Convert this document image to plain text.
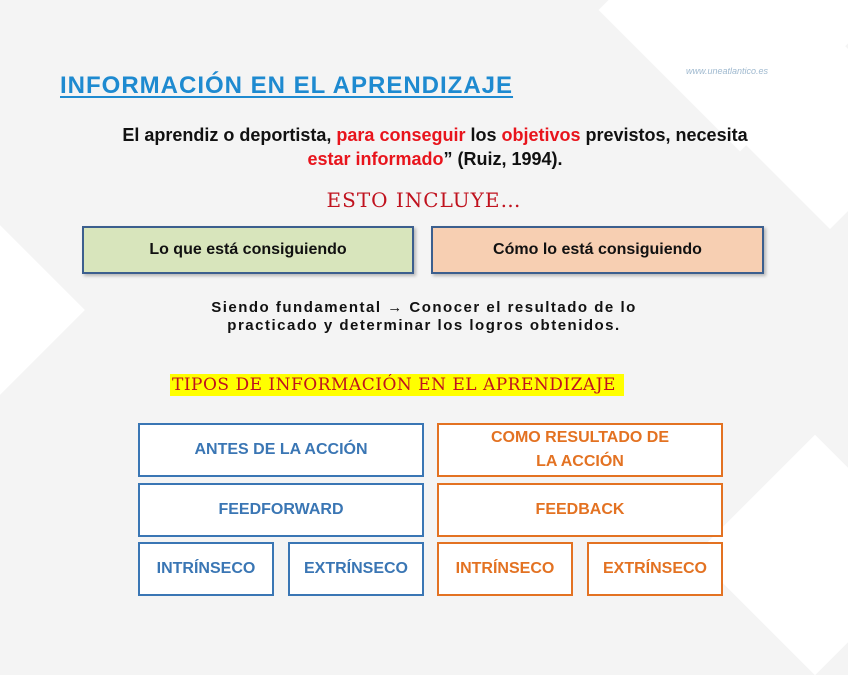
INFORMACIÓN EN EL APRENDIZAJE
www.uneatlantico.es
El aprendiz o deportista, para conseguir los objetivos previstos, necesita
estar informado” (Ruiz, 1994).
ESTO INCLUYE…
Lo que está consiguiendo	Cómo lo está consiguiendo
Siendo fundamental → Conocer el resultado de lo
practicado y determinar los logros obtenidos.
TIPOS DE INFORMACIÓN EN EL APRENDIZAJE
ANTES DE LA ACCIÓN
FEEDFORWARD
INTRÍNSECO	EXTRÍNSECO
COMO RESULTADO DE LA ACCIÓN
FEEDBACK
INTRÍNSECO	EXTRÍNSECO
